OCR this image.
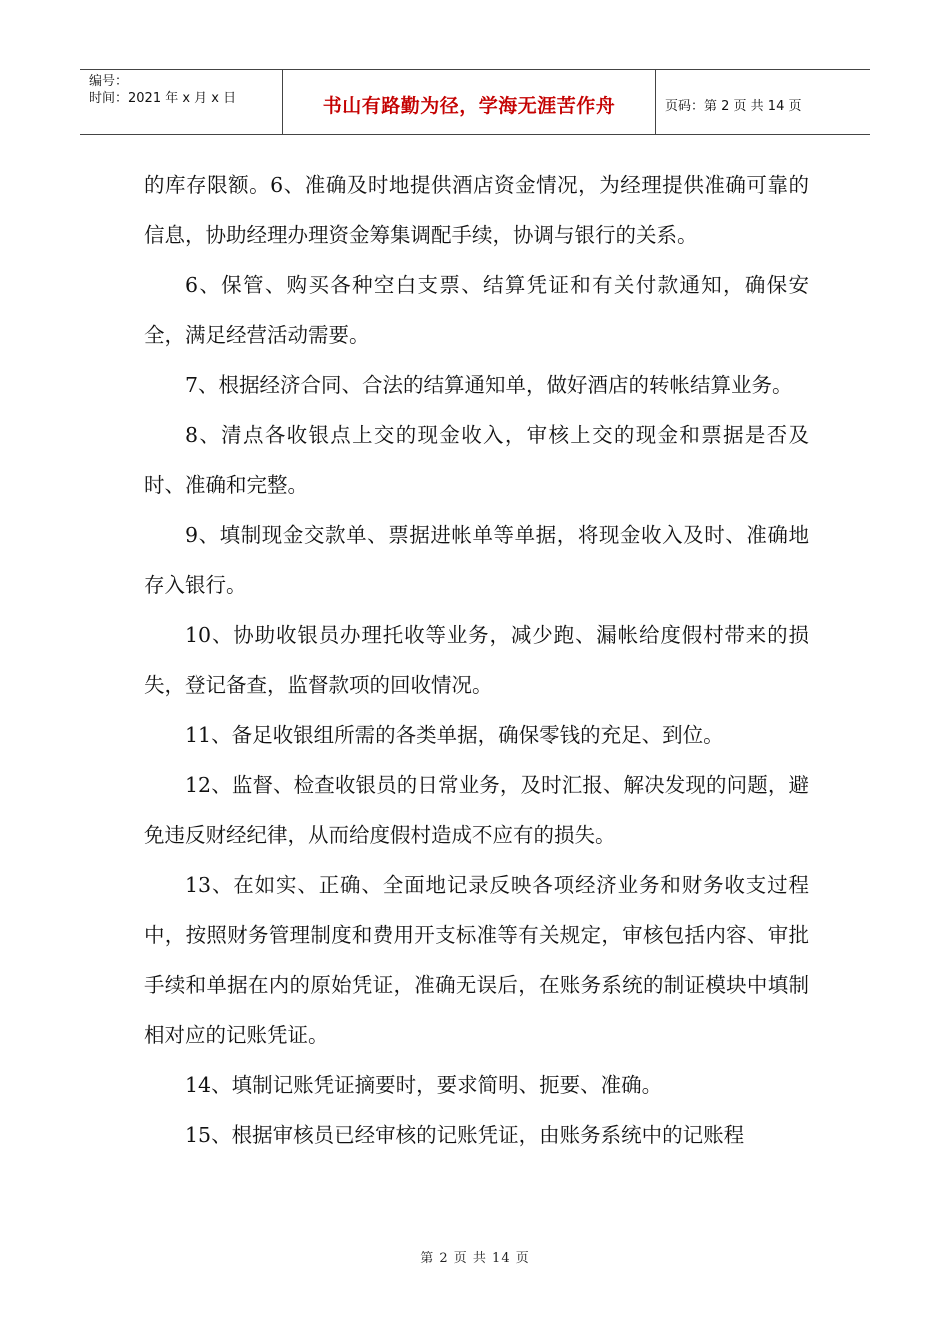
编号：
时间：2021 年 x 月 x 日	书山有路勤为径，学海无涯苦作舟	页码：第 2 页 共 14 页

的库存限额。6、准确及时地提供酒店资金情况，为经理提供准确可靠的信息，协助经理办理资金筹集调配手续，协调与银行的关系。

6、保管、购买各种空白支票、结算凭证和有关付款通知，确保安全，满足经营活动需要。

7、根据经济合同、合法的结算通知单，做好酒店的转帐结算业务。

8、清点各收银点上交的现金收入，审核上交的现金和票据是否及时、准确和完整。

9、填制现金交款单、票据进帐单等单据，将现金收入及时、准确地存入银行。

10、协助收银员办理托收等业务，减少跑、漏帐给度假村带来的损失，登记备查，监督款项的回收情况。

11、备足收银组所需的各类单据，确保零钱的充足、到位。

12、监督、检查收银员的日常业务，及时汇报、解决发现的问题，避免违反财经纪律，从而给度假村造成不应有的损失。

13、在如实、正确、全面地记录反映各项经济业务和财务收支过程中，按照财务管理制度和费用开支标准等有关规定，审核包括内容、审批手续和单据在内的原始凭证，准确无误后，在账务系统的制证模块中填制相对应的记账凭证。

14、填制记账凭证摘要时，要求简明、扼要、准确。

15、根据审核员已经审核的记账凭证，由账务系统中的记账程

第 2 页 共 14 页
